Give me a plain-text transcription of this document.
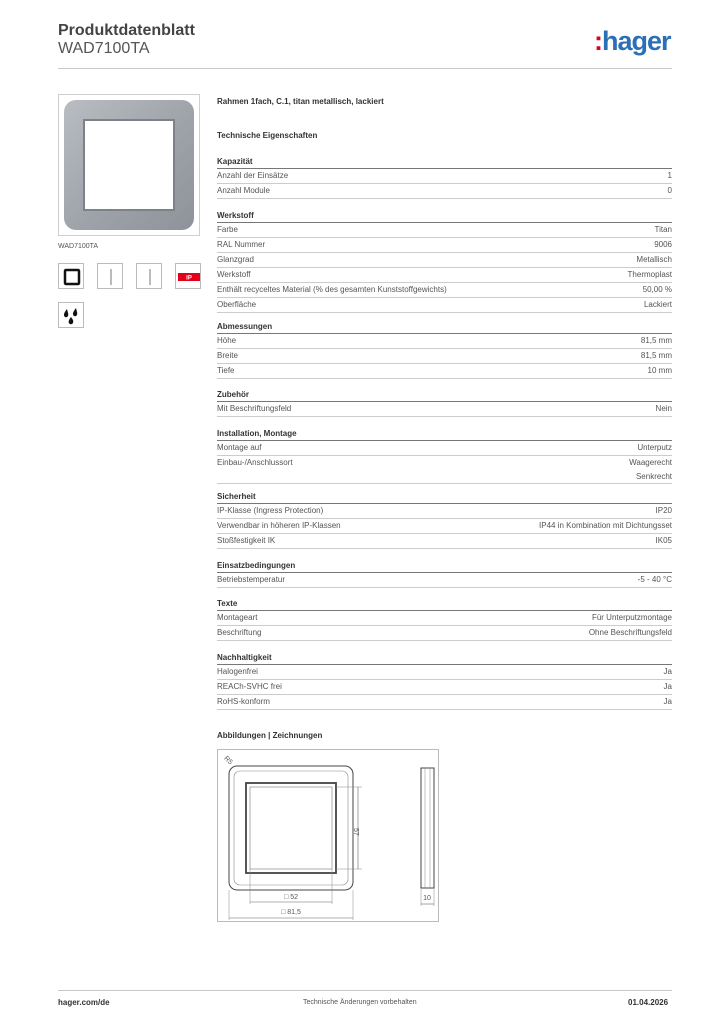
Produktdatenblatt
WAD7100TA	:hager
WAD7100TA
IP
Rahmen 1fach, C.1, titan metallisch, lackiert
Technische Eigenschaften
Kapazität
Anzahl der Einsätze	1
Anzahl Module	0
Werkstoff
Farbe	Titan
RAL Nummer	9006
Glanzgrad	Metallisch
Werkstoff	Thermoplast
Enthält recyceltes Material (% des gesamten Kunststoffgewichts)	50,00 %
Oberfläche	Lackiert
Abmessungen
Höhe	81,5 mm
Breite	81,5 mm
Tiefe	10 mm
Zubehör
Mit Beschriftungsfeld	Nein
Installation, Montage
Montage auf	Unterputz
Einbau-/Anschlussort	Waagerecht
Senkrecht
Sicherheit
IP-Klasse (Ingress Protection)	IP20
Verwendbar in höheren IP-Klassen	IP44 in Kombination mit Dichtungsset
Stoßfestigkeit IK	IK05
Einsatzbedingungen
Betriebstemperatur	-5 - 40 °C
Texte
Montageart	Für Unterputzmontage
Beschriftung	Ohne Beschriftungsfeld
Nachhaltigkeit
Halogenfrei	Ja
REACh-SVHC frei	Ja
RoHS-konform	Ja
Abbildungen | Zeichnungen
R5
57
□ 52
□ 81,5
10
hager.com/de	Technische Änderungen vorbehalten	01.04.2026
